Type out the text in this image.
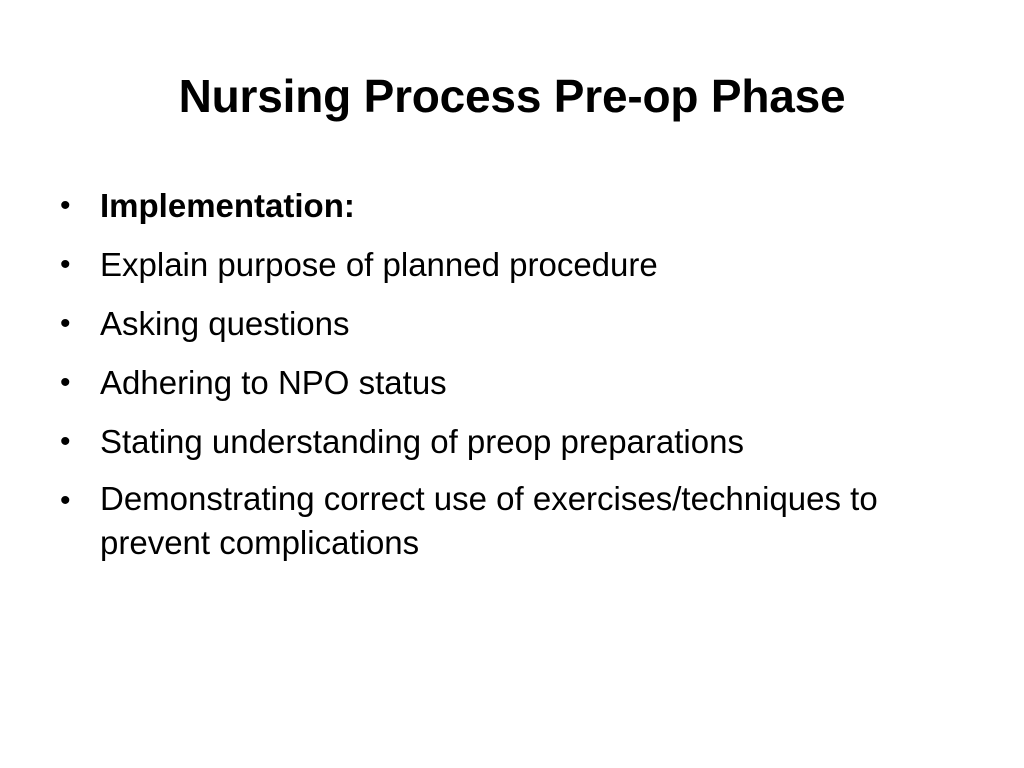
Nursing Process Pre-op Phase
• Implementation:
• Explain purpose of planned procedure
• Asking questions
• Adhering to NPO status
• Stating understanding of preop preparations
• Demonstrating correct use of exercises/techniques to prevent complications
